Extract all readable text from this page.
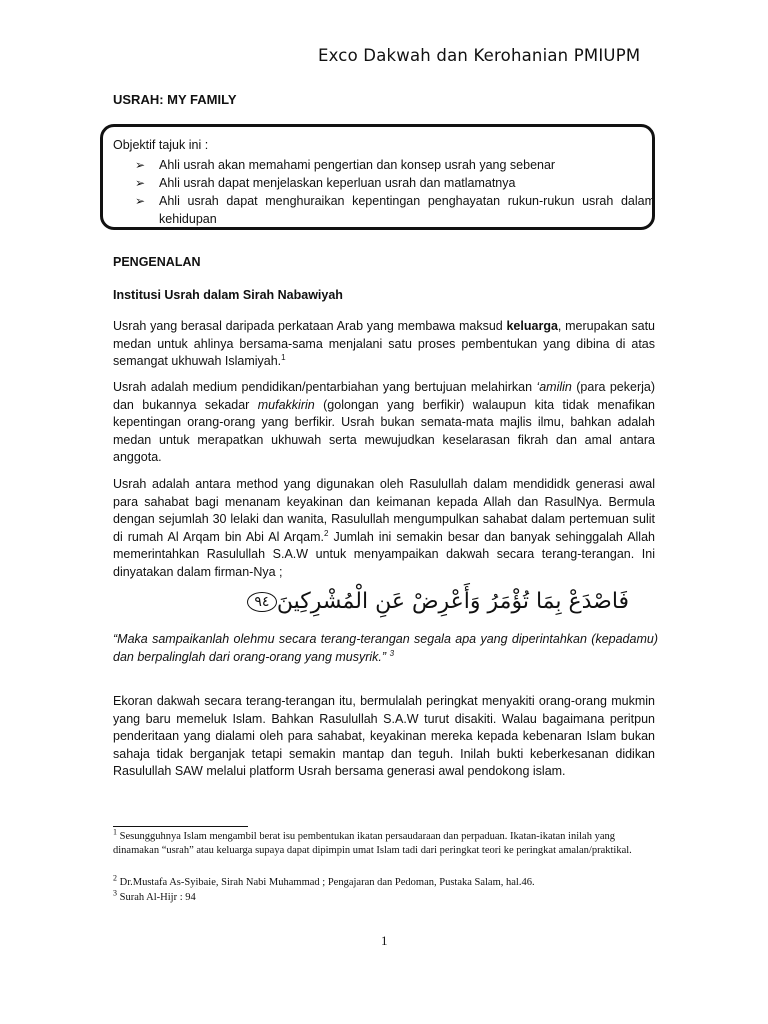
Exco Dakwah dan Kerohanian PMIUPM
USRAH: MY FAMILY
Objektif tajuk ini :
➢ Ahli usrah akan memahami pengertian dan konsep usrah yang sebenar
➢ Ahli usrah dapat menjelaskan keperluan usrah dan matlamatnya
➢ Ahli usrah dapat menghuraikan kepentingan penghayatan rukun-rukun usrah dalam kehidupan
PENGENALAN
Institusi Usrah dalam Sirah Nabawiyah

Usrah yang berasal daripada perkataan Arab yang membawa maksud keluarga, merupakan satu medan untuk ahlinya bersama-sama menjalani satu proses pembentukan yang dibina di atas semangat ukhuwah Islamiyah.$^1$

Usrah adalah medium pendidikan/pentarbiahan yang bertujuan melahirkan ‘amilin (para pekerja) dan bukannya sekadar mufakkirin (golongan yang berfikir) walaupun kita tidak menafikan kepentingan orang-orang yang berfikir. Usrah bukan semata-mata majlis ilmu, bahkan adalah medan untuk merapatkan ukhuwah serta mewujudkan keselarasan fikrah dan amal antara anggota.

Usrah adalah antara method yang digunakan oleh Rasulullah dalam mendididk generasi awal para sahabat bagi menanam keyakinan dan keimanan kepada Allah dan RasulNya. Bermula dengan sejumlah 30 lelaki dan wanita, Rasulullah mengumpulkan sahabat dalam pertemuan sulit di rumah Al Arqam bin Abi Al Arqam.$^2$ Jumlah ini semakin besar dan banyak sehinggalah Allah memerintahkan Rasulullah S.A.W untuk menyampaikan dakwah secara terang-terangan. Ini dinyatakan dalam firman-Nya ;

فَاصْدَعْ بِمَا تُؤْمَرُ وَأَعْرِضْ عَنِ الْمُشْرِكِينَ٩٤

“Maka sampaikanlah olehmu secara terang-terangan segala apa yang diperintahkan (kepadamu) dan berpalinglah dari orang-orang yang musyrik.” $^3$

Ekoran dakwah secara terang-terangan itu, bermulalah peringkat menyakiti orang-orang mukmin yang baru memeluk Islam. Bahkan Rasulullah S.A.W turut disakiti. Walau bagaimana peritpun penderitaan yang dialami oleh para sahabat, keyakinan mereka kepada kebenaran Islam bukan sahaja tidak berganjak tetapi semakin mantap dan teguh. Inilah bukti keberkesanan didikan Rasulullah SAW melalui platform Usrah bersama generasi awal pendokong islam.

$^1$ Sesungguhnya Islam mengambil berat isu pembentukan ikatan persaudaraan dan perpaduan. Ikatan-ikatan inilah yang dinamakan “usrah” atau keluarga supaya dapat dipimpin umat Islam tadi dari peringkat teori ke peringkat amalan/praktikal.

$^2$ Dr.Mustafa As-Syibaie, Sirah Nabi Muhammad ; Pengajaran dan Pedoman, Pustaka Salam, hal.46.

$^3$ Surah Al-Hijr : 94

1
